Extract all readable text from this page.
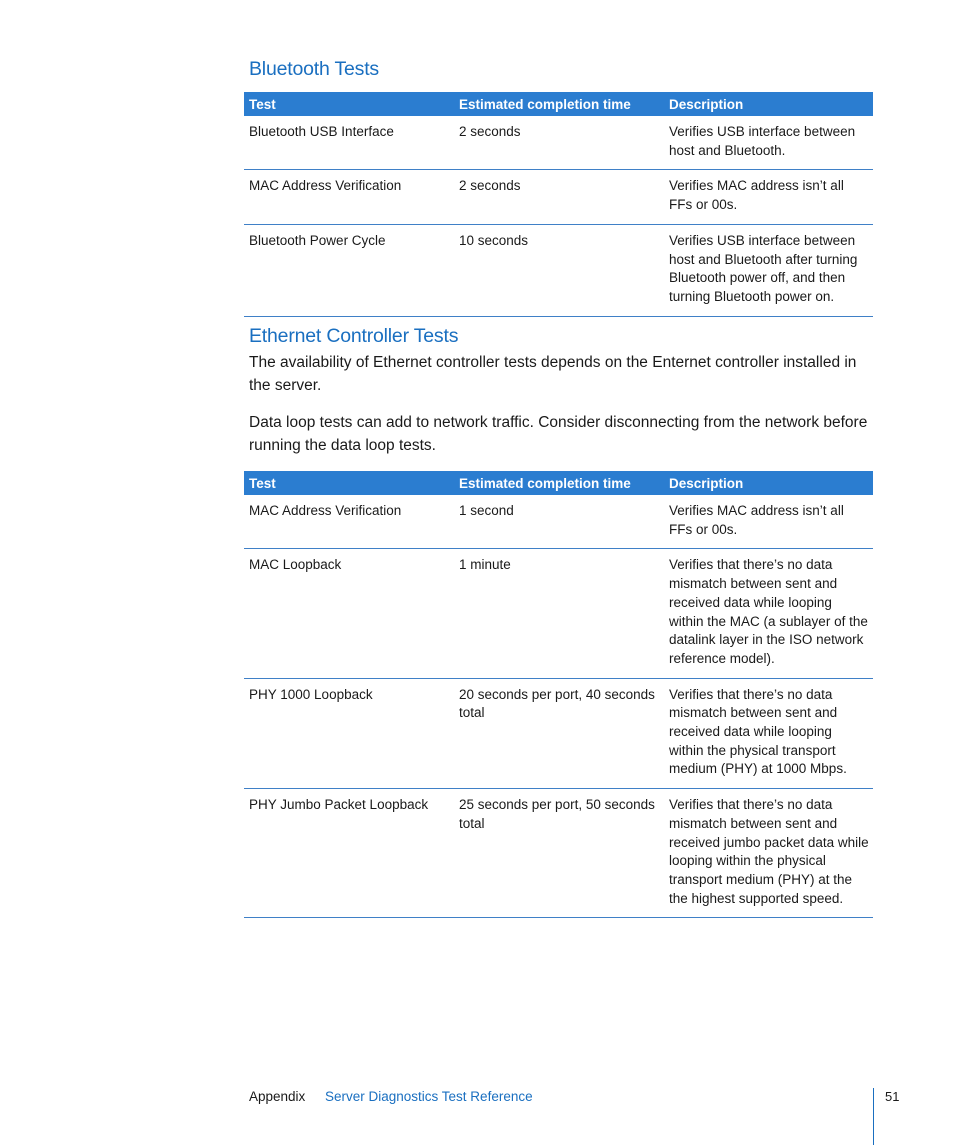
Bluetooth Tests
Test	Estimated completion time	Description
Bluetooth USB Interface	2 seconds	Verifies USB interface between host and Bluetooth.
MAC Address Verification	2 seconds	Verifies MAC address isn’t all FFs or 00s.
Bluetooth Power Cycle	10 seconds	Verifies USB interface between host and Bluetooth after turning Bluetooth power off, and then turning Bluetooth power on.
Ethernet Controller Tests

The availability of Ethernet controller tests depends on the Enternet controller installed in the server.

Data loop tests can add to network traffic. Consider disconnecting from the network before running the data loop tests.

Test	Estimated completion time	Description
MAC Address Verification	1 second	Verifies MAC address isn’t all FFs or 00s.
MAC Loopback	1 minute	Verifies that there’s no data mismatch between sent and received data while looping within the MAC (a sublayer of the datalink layer in the ISO network reference model).
PHY 1000 Loopback	20 seconds per port, 40 seconds total	Verifies that there’s no data mismatch between sent and received data while looping within the physical transport medium (PHY) at 1000 Mbps.
PHY Jumbo Packet Loopback	25 seconds per port, 50 seconds total	Verifies that there’s no data mismatch between sent and received jumbo packet data while looping within the physical transport medium (PHY) at the the highest supported speed.
Appendix Server Diagnostics Test Reference	51
